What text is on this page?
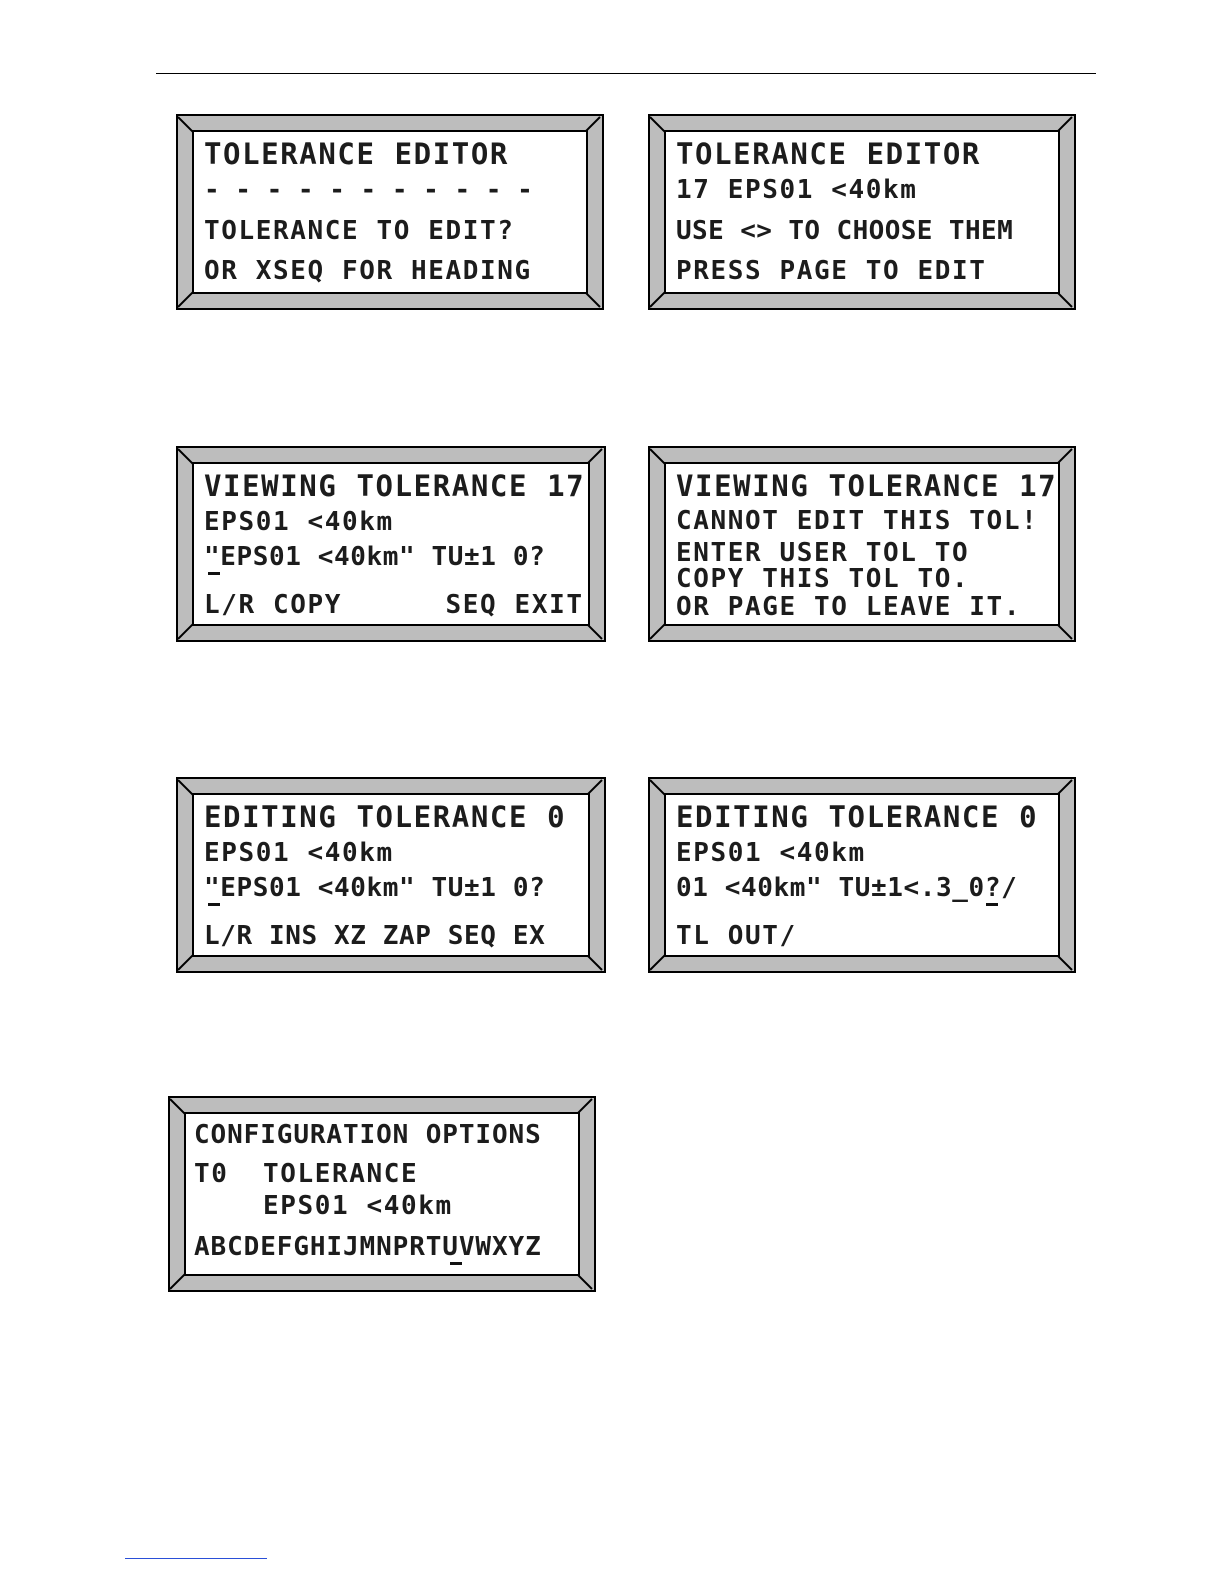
TOLERANCE EDITOR
- - - - - - - - - - -
TOLERANCE TO EDIT?
OR XSEQ FOR HEADING
TOLERANCE EDITOR
17 EPS01 <40km
USE <> TO CHOOSE THEM
PRESS PAGE TO EDIT
VIEWING TOLERANCE 17
EPS01 <40km
"EPS01 <40km" TU±1 0?
L/R COPY      SEQ EXIT
VIEWING TOLERANCE 17
CANNOT EDIT THIS TOL!
ENTER USER TOL TO
COPY THIS TOL TO.
OR PAGE TO LEAVE IT.
EDITING TOLERANCE 0
EPS01 <40km
"EPS01 <40km" TU±1 0?
L/R INS XZ ZAP SEQ EX
EDITING TOLERANCE 0
EPS01 <40km
01 <40km" TU±1<.3_0?/
TL OUT/
CONFIGURATION OPTIONS
T0  TOLERANCE
EPS01 <40km
ABCDEFGHIJMNPRTUVWXYZ
